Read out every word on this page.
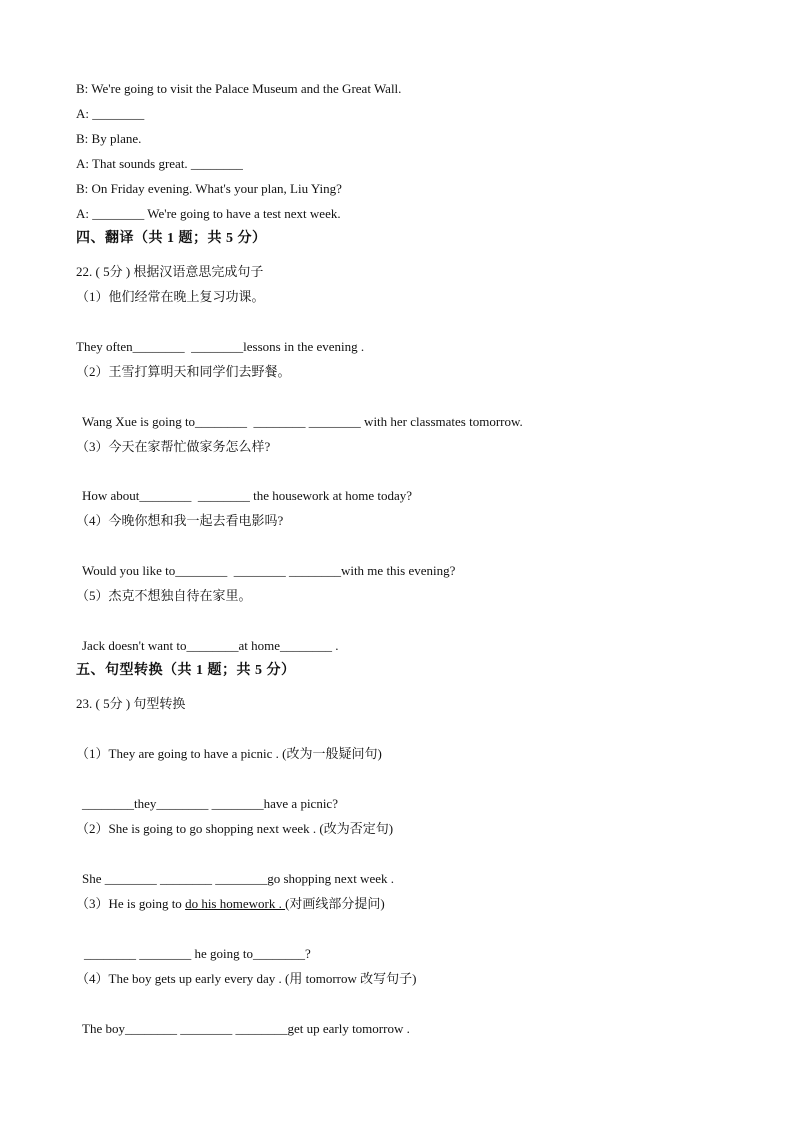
B: We're going to visit the Palace Museum and the Great Wall.
A: ________
B: By plane.
A: That sounds great. ________
B: On Friday evening. What's your plan, Liu Ying?
A: ________ We're going to have a test next week.
四、翻译（共 1 题；共 5 分）
22. ( 5分 ) 根据汉语意思完成句子
（1）他们经常在晚上复习功课。
They often________  ________lessons in the evening .
（2）王雪打算明天和同学们去野餐。
Wang Xue is going to________  ________ ________ with her classmates tomorrow.
（3）今天在家帮忙做家务怎么样?
How about________  ________ the housework at home today?
（4）今晚你想和我一起去看电影吗?
Would you like to________  ________ ________with me this evening?
（5）杰克不想独自待在家里。
Jack doesn't want to________at home________ .
五、句型转换（共 1 题；共 5 分）
23. ( 5分 ) 句型转换
（1）They are going to have a picnic . (改为一般疑问句)
________they________ ________have a picnic?
（2）She is going to go shopping next week . (改为否定句)
She ________ ________ ________go shopping next week .
（3）He is going to do his homework . (对画线部分提问)
________ ________ he going to________?
（4）The boy gets up early every day . (用 tomorrow 改写句子)
The boy________ ________ ________get up early tomorrow .
